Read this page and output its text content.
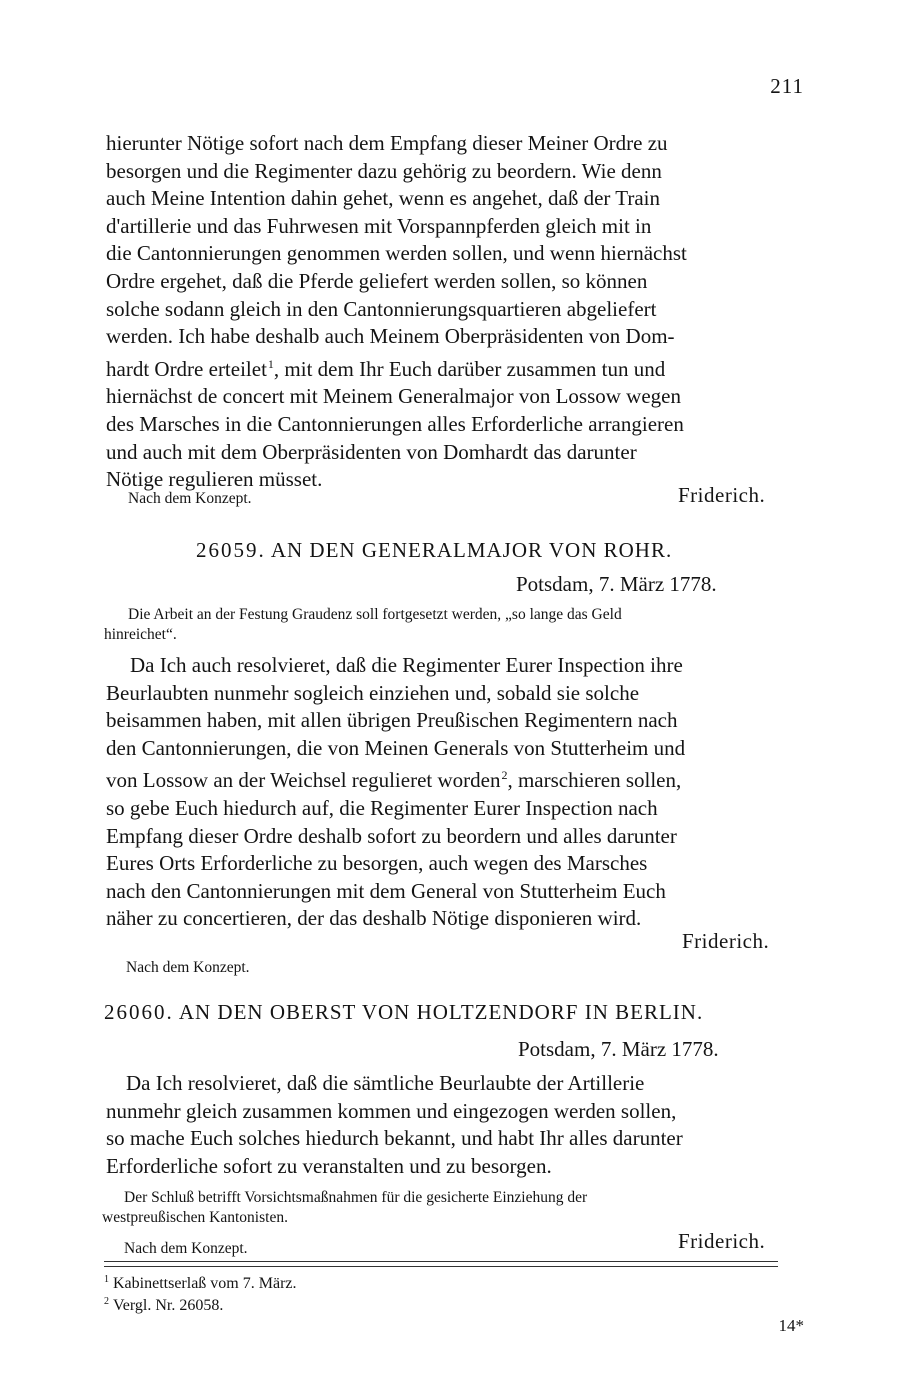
211

hierunter Nötige sofort nach dem Empfang dieser Meiner Ordre zu
besorgen und die Regimenter dazu gehörig zu beordern. Wie denn
auch Meine Intention dahin gehet, wenn es angehet, daß der Train
d'artillerie und das Fuhrwesen mit Vorspannpferden gleich mit in
die Cantonnierungen genommen werden sollen, und wenn hiernächst
Ordre ergehet, daß die Pferde geliefert werden sollen, so können
solche sodann gleich in den Cantonnierungsquartieren abgeliefert
werden. Ich habe deshalb auch Meinem Oberpräsidenten von Dom-
hardt Ordre erteilet$^1$, mit dem Ihr Euch darüber zusammen tun und
hiernächst de concert mit Meinem Generalmajor von Lossow wegen
des Marsches in die Cantonnierungen alles Erforderliche arrangieren
und auch mit dem Oberpräsidenten von Domhardt das darunter
Nötige regulieren müsset.

Nach dem Konzept.	Friderich.
26059. AN DEN GENERALMAJOR VON ROHR.
Potsdam, 7. März 1778.

Die Arbeit an der Festung Graudenz soll fortgesetzt werden, „so lange das Geld
hinreichet“.

Da Ich auch resolvieret, daß die Regimenter Eurer Inspection ihre
Beurlaubten nunmehr sogleich einziehen und, sobald sie solche
beisammen haben, mit allen übrigen Preußischen Regimentern nach
den Cantonnierungen, die von Meinen Generals von Stutterheim und
von Lossow an der Weichsel regulieret worden$^2$, marschieren sollen,
so gebe Euch hiedurch auf, die Regimenter Eurer Inspection nach
Empfang dieser Ordre deshalb sofort zu beordern und alles darunter
Eures Orts Erforderliche zu besorgen, auch wegen des Marsches
nach den Cantonnierungen mit dem General von Stutterheim Euch
näher zu concertieren, der das deshalb Nötige disponieren wird.

Friderich.
Nach dem Konzept.
26060. AN DEN OBERST VON HOLTZENDORF IN BERLIN.
Potsdam, 7. März 1778.

Da Ich resolvieret, daß die sämtliche Beurlaubte der Artillerie
nunmehr gleich zusammen kommen und eingezogen werden sollen,
so mache Euch solches hiedurch bekannt, und habt Ihr alles darunter
Erforderliche sofort zu veranstalten und zu besorgen.

Der Schluß betrifft Vorsichtsmaßnahmen für die gesicherte Einziehung der
westpreußischen Kantonisten.

Nach dem Konzept.	Friderich.
$^1$ Kabinettserlaß vom 7. März.
$^2$ Vergl. Nr. 26058.
14*
